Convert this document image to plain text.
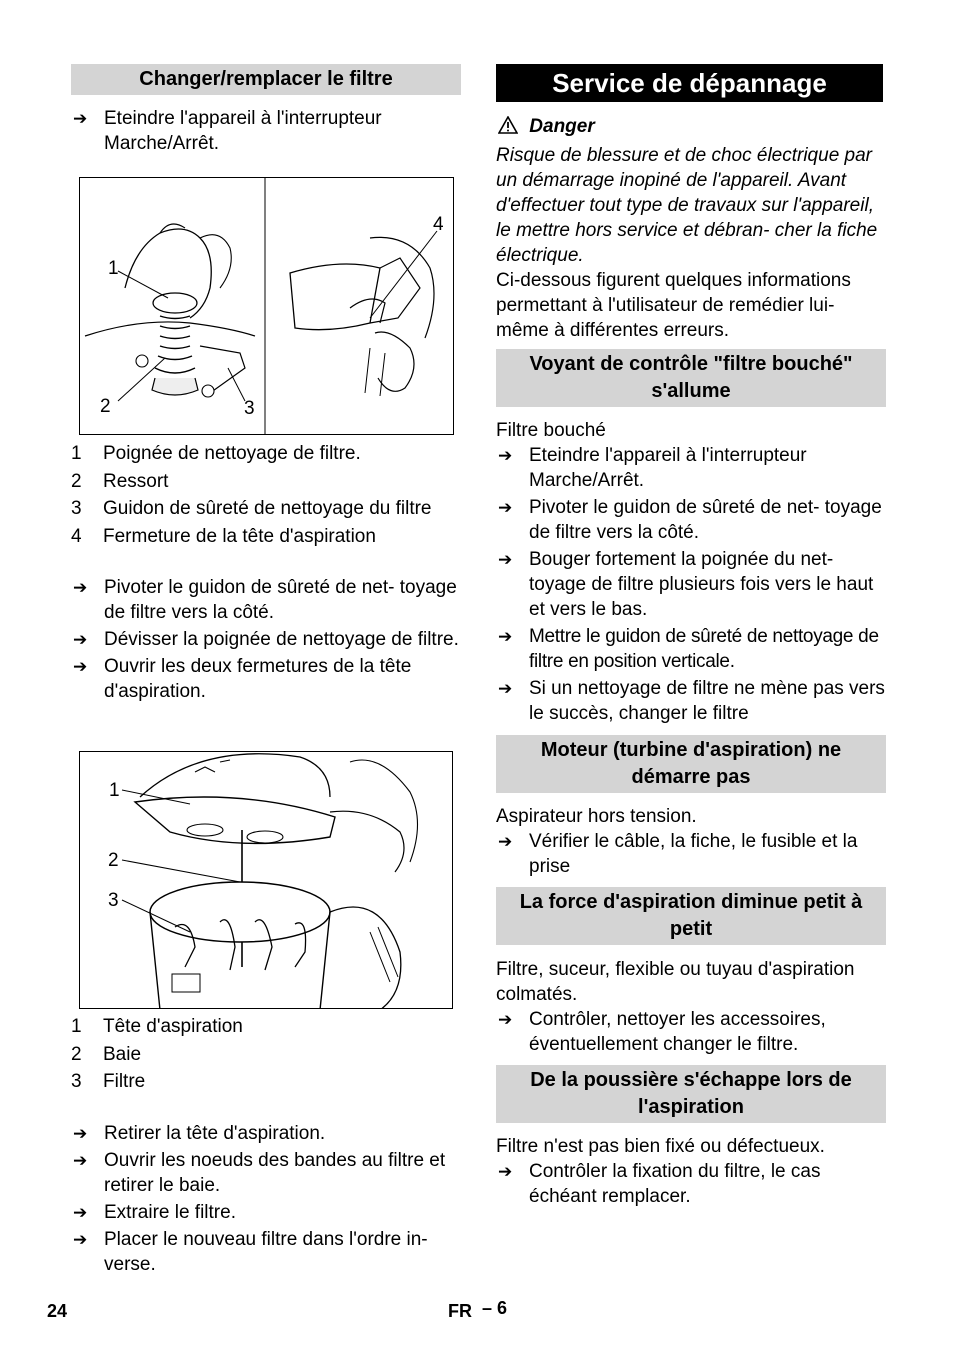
Changer/remplacer le filtre

➔ Eteindre l'appareil à l'interrupteur Marche/Arrêt.

1
2	3
4
1 Poignée de nettoyage de filtre.
2 Ressort
3 Guidon de sûreté de nettoyage du filtre
4 Fermeture de la tête d'aspiration

➔ Pivoter le guidon de sûreté de net- toyage de filtre vers la côté.

➔ Dévisser la poignée de nettoyage de filtre.

➔ Ouvrir les deux fermetures de la tête d'aspiration.

1
2
3
1 Tête d'aspiration
2 Baie
3 Filtre

➔ Retirer la tête d'aspiration.

➔ Ouvrir les noeuds des bandes au filtre et retirer le baie.

➔ Extraire le filtre.

➔ Placer le nouveau filtre dans l'ordre in- verse.

Service de dépannage

Danger

Risque de blessure et de choc électrique par un démarrage inopiné de l'appareil. Avant d'effectuer tout type de travaux sur l'appareil, le mettre hors service et débran- cher la fiche électrique.

Ci-dessous figurent quelques informations permettant à l'utilisateur de remédier lui- même à différentes erreurs.

Voyant de contrôle "filtre bouché" s'allume

Filtre bouché

➔ Eteindre l'appareil à l'interrupteur Marche/Arrêt.

➔ Pivoter le guidon de sûreté de net- toyage de filtre vers la côté.

➔ Bouger fortement la poignée du net- toyage de filtre plusieurs fois vers le haut et vers le bas.

➔ Mettre le guidon de sûreté de nettoyage de filtre en position verticale.

➔ Si un nettoyage de filtre ne mène pas vers le succès, changer le filtre

Moteur (turbine d'aspiration) ne démarre pas

Aspirateur hors tension.

➔ Vérifier le câble, la fiche, le fusible et la prise

La force d'aspiration diminue petit à petit

Filtre, suceur, flexible ou tuyau d'aspiration colmatés.

➔ Contrôler, nettoyer les accessoires, éventuellement changer le filtre.

De la poussière s'échappe lors de l'aspiration

Filtre n'est pas bien fixé ou défectueux.

➔ Contrôler la fixation du filtre, le cas échéant remplacer.

24	FR – 6
